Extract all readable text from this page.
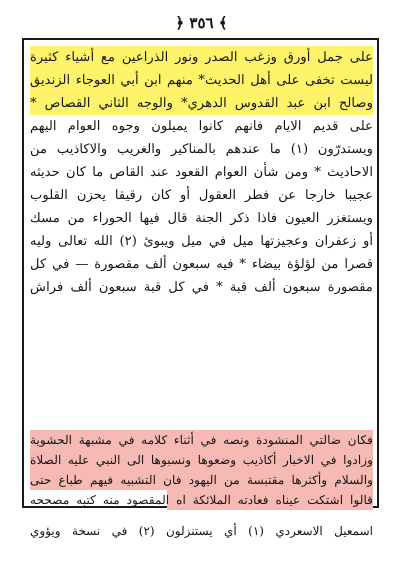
﴿ ٣٥٦ ﴾
على جمل أورق وزغب الصدر ونور الذراعين مع أشياء كثيرة
ليست تخفى على أهل الحديث* منهم ابن أبي العوجاء الزنديق
وصالح ابن عبد القدوس الدهري* والوجه الثاني القصاص *
على قديم الايام فانهم كانوا يميلون وجوه العوام اليهم
ويستدرّون (١) ما عندهم بالمناكير والغريب والاكاذيب من
الاحاديث * ومن شأن العوام القعود عند القاص ما كان حديثه
عجيبا خارجا عن فطر العقول أو كان رقيقا يحزن القلوب
ويستغزر العيون فاذا ذكر الجنة قال فيها الحوراء من مسك
أو زعفران وعجيزتها ميل في ميل ويبوئ (٢) الله تعالى وليه
قصرا من لؤلؤة بيضاء * فيه سبعون ألف مقصورة — في كل
مقصورة سبعون ألف قبة * في كل قبة سبعون ألف فراش
فكان ضالتي المنشودة ونصه في أثناء كلامه في مشبهة الحشوية
وزادوا في الاخبار أكاذيب وضعوها ونسبوها الى النبي عليه الصلاة
والسلام وأكثرها مقتبسة من اليهود فان التشبيه فيهم طباع حتى
قالوا اشتكت عيناه فعادته الملائكة اه المقصود منه كتبه مصححه
اسمعيل الاسعردي (١) أي يستنزلون (٢) في نسخة ويؤوي
